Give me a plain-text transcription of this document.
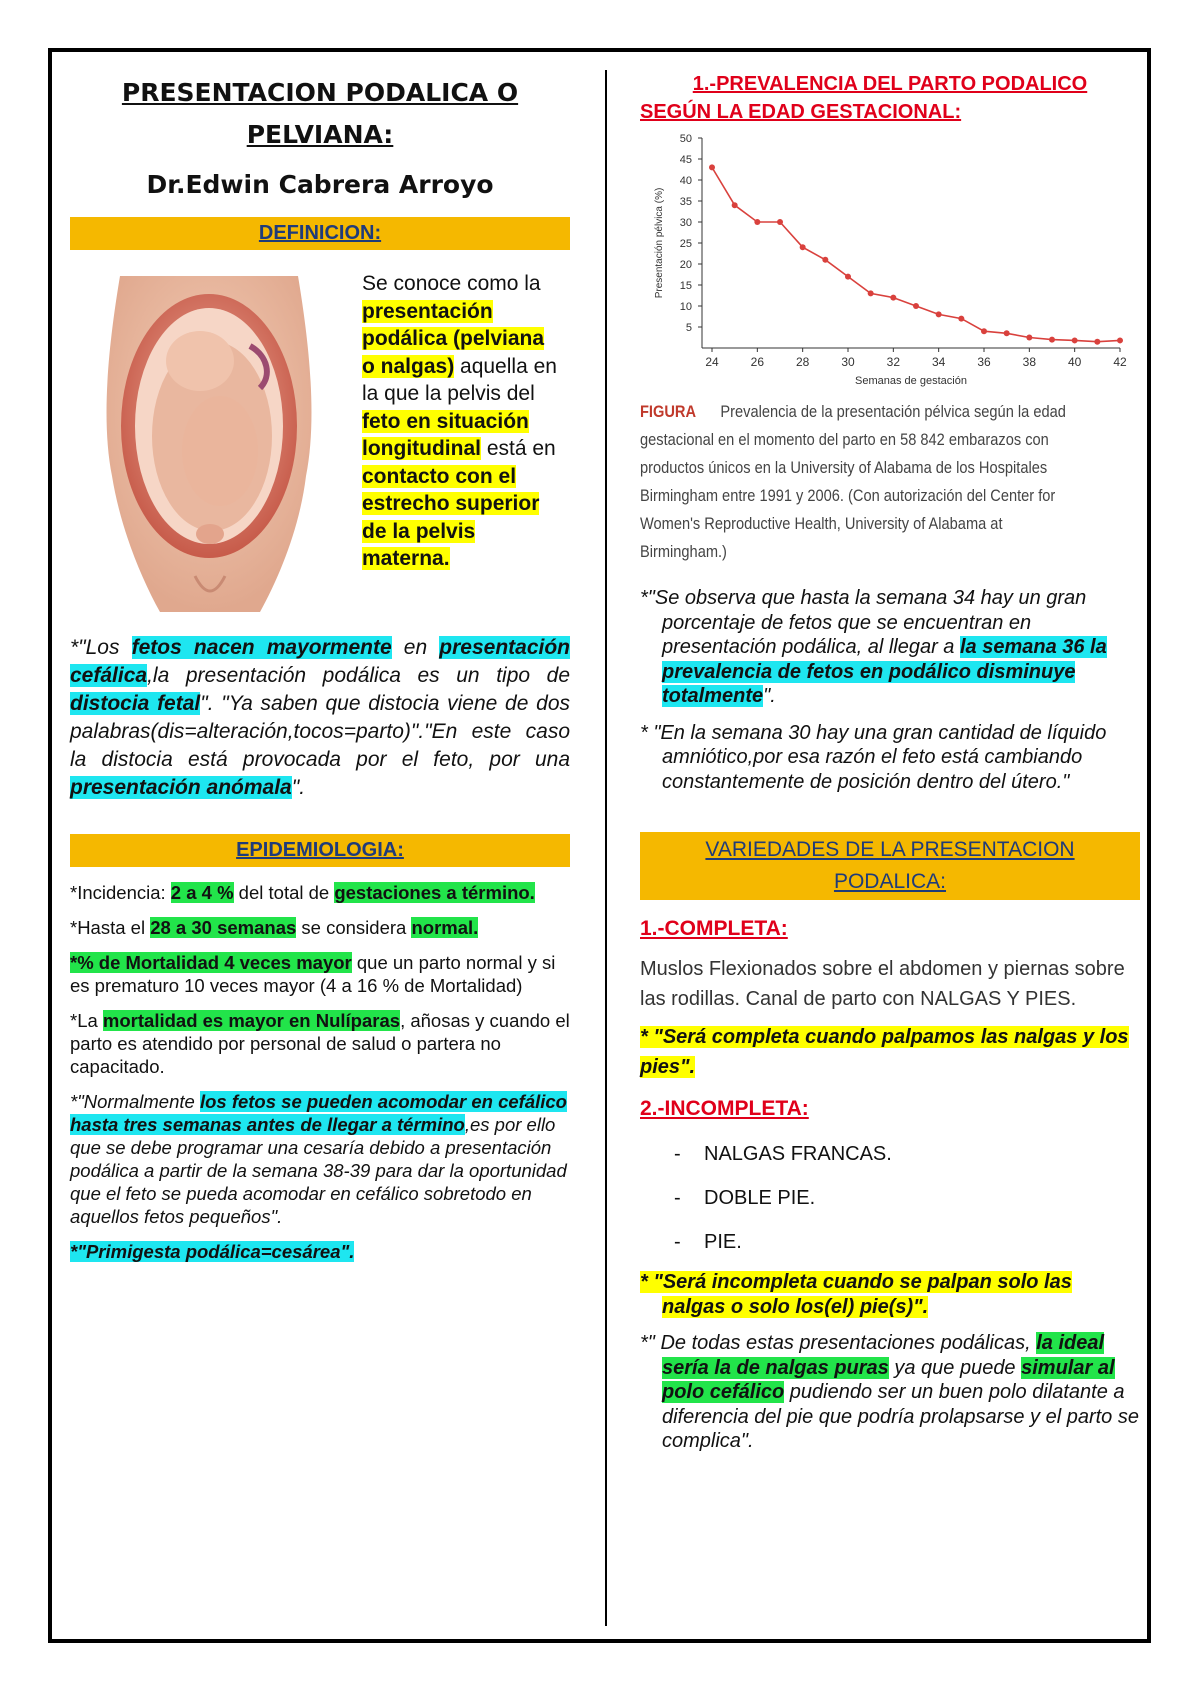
PRESENTACION PODALICA O
PELVIANA:
Dr.Edwin Cabrera Arroyo
DEFINICION:
Se conoce como la presentación podálica (pelviana o nalgas) aquella en la que la pelvis del feto en situación longitudinal está en contacto con el estrecho superior de la pelvis materna.

*"Los fetos nacen mayormente en presentación cefálica,la presentación podálica es un tipo de distocia fetal". "Ya saben que distocia viene de dos palabras(dis=alteración,tocos=parto)"."En este caso la distocia está provocada por el feto, por una presentación anómala".

EPIDEMIOLOGIA:

*Incidencia: 2 a 4 % del total de gestaciones a término.

*Hasta el 28 a 30 semanas se considera normal.

*% de Mortalidad 4 veces mayor que un parto normal y si es prematuro 10 veces mayor (4 a 16 % de Mortalidad)

*La mortalidad es mayor en Nulíparas, añosas y cuando el parto es atendido por personal de salud o partera no capacitado.

*"Normalmente los fetos se pueden acomodar en cefálico hasta tres semanas antes de llegar a término,es por ello que se debe programar una cesaría debido a presentación podálica a partir de la semana 38-39 para dar la oportunidad que el feto se pueda acomodar en cefálico sobretodo en aquellos fetos pequeños".

*"Primigesta podálica=cesárea".

1.-PREVALENCIA DEL PARTO PODALICO
SEGÚN LA EDAD GESTACIONAL:
5
10
15
20
25
30
35
40
45
50
24	26	28	30	32	34	36	38	40	42
Semanas de gestación
Presentación pélvica (%)
FIGURA Prevalencia de la presentación pélvica según la edad gestacional en el momento del parto en 58 842 embarazos con productos únicos en la University of Alabama de los Hospitales Birmingham entre 1991 y 2006. (Con autorización del Center for Women's Reproductive Health, University of Alabama at Birmingham.)

*"Se observa que hasta la semana 34 hay un gran porcentaje de fetos que se encuentran en presentación podálica, al llegar a la semana 36 la prevalencia de fetos en podálico disminuye totalmente".

* "En la semana 30 hay una gran cantidad de líquido amniótico,por esa razón el feto está cambiando constantemente de posición dentro del útero."

VARIEDADES DE LA PRESENTACION
PODALICA:

1.-COMPLETA:

Muslos Flexionados sobre el abdomen y piernas sobre las rodillas. Canal de parto con NALGAS Y PIES.

* "Será completa cuando palpamos las nalgas y los pies".

2.-INCOMPLETA:

- NALGAS FRANCAS.
- DOBLE PIE.
- PIE.

* "Será incompleta cuando se palpan solo las nalgas o solo los(el) pie(s)".

*" De todas estas presentaciones podálicas, la ideal sería la de nalgas puras ya que puede simular al polo cefálico pudiendo ser un buen polo dilatante a diferencia del pie que podría prolapsarse y el parto se complica".
